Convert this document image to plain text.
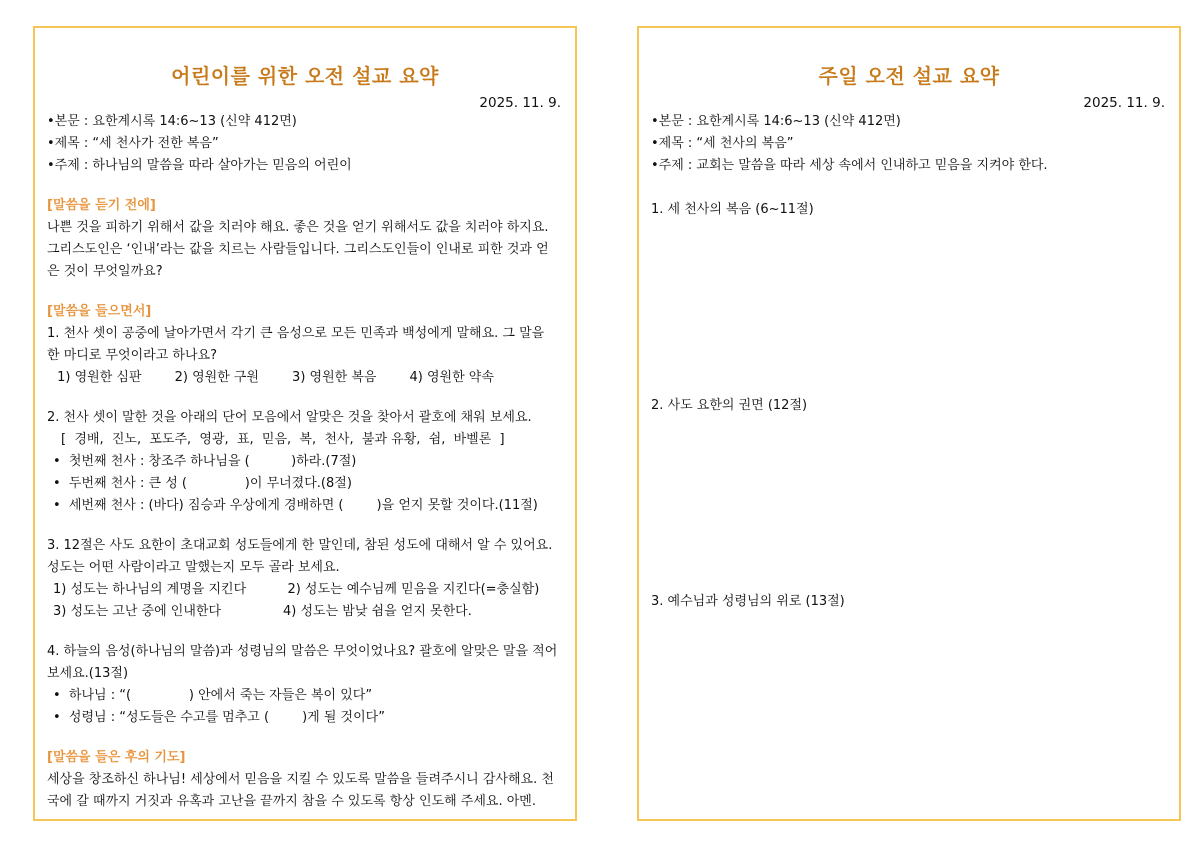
어린이를 위한 오전 설교 요약
2025. 11. 9.
•본문 : 요한계시록 14:6~13 (신약 412면)
•제목 : “세 천사가 전한 복음”
•주제 : 하나님의 말씀을 따라 살아가는 믿음의 어린이
[말씀을 듣기 전에]
나쁜 것을 피하기 위해서 값을 치러야 해요. 좋은 것을 얻기 위해서도 값을 치러야 하지요.
그리스도인은 ‘인내’라는 값을 치르는 사람들입니다. 그리스도인들이 인내로 피한 것과 얻
은 것이 무엇일까요?
[말씀을 들으면서]
1. 천사 셋이 공중에 날아가면서 각기 큰 음성으로 모든 민족과 백성에게 말해요. 그 말을
한 마디로 무엇이라고 하나요?
1) 영원한 심판        2) 영원한 구원        3) 영원한 복음        4) 영원한 약속
2. 천사 셋이 말한 것을 아래의 단어 모음에서 알맞은 것을 찾아서 괄호에 채워 보세요.
[  경배,  진노,  포도주,  영광,  표,  믿음,  복,  천사,  불과 유황,  쉼,  바벨론  ]
•  첫번째 천사 : 창조주 하나님을 (          )하라.(7절)
•  두번째 천사 : 큰 성 (              )이 무너졌다.(8절)
•  세번째 천사 : (바다) 짐승과 우상에게 경배하면 (        )을 얻지 못할 것이다.(11절)
3. 12절은 사도 요한이 초대교회 성도들에게 한 말인데, 참된 성도에 대해서 알 수 있어요.
성도는 어떤 사람이라고 말했는지 모두 골라 보세요.
1) 성도는 하나님의 계명을 지킨다          2) 성도는 예수님께 믿음을 지킨다(=충실함)
3) 성도는 고난 중에 인내한다               4) 성도는 밤낮 쉼을 얻지 못한다.
4. 하늘의 음성(하나님의 말씀)과 성령님의 말씀은 무엇이었나요? 괄호에 알맞은 말을 적어
보세요.(13절)
•  하나님 : “(              ) 안에서 죽는 자들은 복이 있다”
•  성령님 : “성도들은 수고를 멈추고 (        )게 될 것이다”
[말씀을 들은 후의 기도]
세상을 창조하신 하나님! 세상에서 믿음을 지킬 수 있도록 말씀을 들려주시니 감사해요. 천
국에 갈 때까지 거짓과 유혹과 고난을 끝까지 참을 수 있도록 항상 인도해 주세요. 아멘.
주일 오전 설교 요약
2025. 11. 9.
•본문 : 요한계시록 14:6~13 (신약 412면)
•제목 : “세 천사의 복음”
•주제 : 교회는 말씀을 따라 세상 속에서 인내하고 믿음을 지켜야 한다.
1. 세 천사의 복음 (6~11절)
2. 사도 요한의 권면 (12절)
3. 예수님과 성령님의 위로 (13절)
